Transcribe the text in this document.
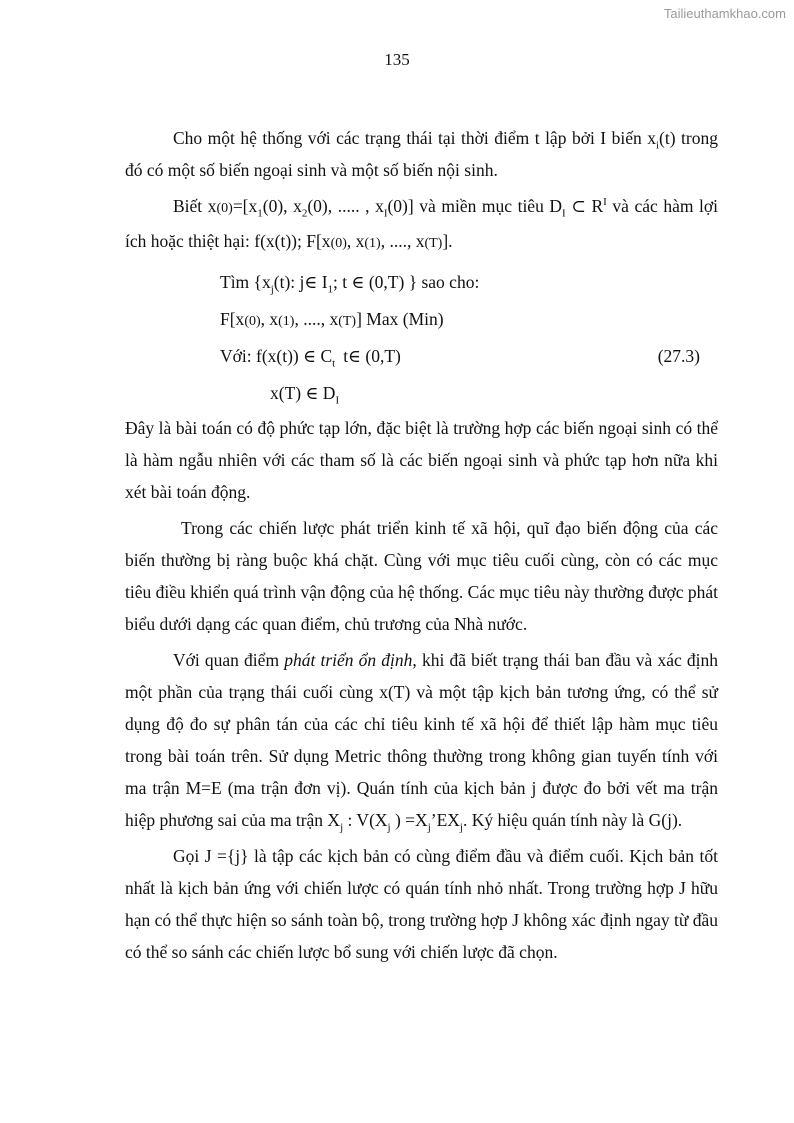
Tailieuthamkhao.com
135

Cho một hệ thống với các trạng thái tại thời điểm t lập bởi I biến $x_i(t)$ trong đó có một số biến ngoại sinh và một số biến nội sinh.

Biết $x(0)=[x_1(0)$, $x_2(0)$, ..... , $x_I(0)$] và miền mục tiêu $D_I$ ⊂ $R^I$ và các hàm lợi ích hoặc thiệt hại: f(x(t)); F[x(0), x(1), ...., x(T)].

Tìm {$x_j(t)$: j∈ $I_1$; t ∈ (0,T) } sao cho:
F[x(0), x(1), ...., x(T)] Max (Min)
Với: f(x(t)) ∈ $C_t$ t∈ (0,T)	(27.3)
x(T) ∈ $D_I$

Đây là bài toán có độ phức tạp lớn, đặc biệt là trường hợp các biến ngoại sinh có thể là hàm ngẫu nhiên với các tham số là các biến ngoại sinh và phức tạp hơn nữa khi xét bài toán động.

Trong các chiến lược phát triển kinh tế xã hội, quĩ đạo biến động của các biến thường bị ràng buộc khá chặt. Cùng với mục tiêu cuối cùng, còn có các mục tiêu điều khiển quá trình vận động của hệ thống. Các mục tiêu này thường được phát biểu dưới dạng các quan điểm, chủ trương của Nhà nước.

Với quan điểm phát triển ổn định, khi đã biết trạng thái ban đầu và xác định một phần của trạng thái cuối cùng x(T) và một tập kịch bản tương ứng, có thể sử dụng độ đo sự phân tán của các chỉ tiêu kinh tế xã hội để thiết lập hàm mục tiêu trong bài toán trên. Sử dụng Metric thông thường trong không gian tuyến tính với ma trận M=E (ma trận đơn vị). Quán tính của kịch bản j được đo bởi vết ma trận hiệp phương sai của ma trận $X_j$ : $V(X_j$ ) $=X_j’EX_j$. Ký hiệu quán tính này là G(j).

Gọi J ={j} là tập các kịch bản có cùng điểm đầu và điểm cuối. Kịch bản tốt nhất là kịch bản ứng với chiến lược có quán tính nhỏ nhất. Trong trường hợp J hữu hạn có thể thực hiện so sánh toàn bộ, trong trường hợp J không xác định ngay từ đầu có thể so sánh các chiến lược bổ sung với chiến lược đã chọn.
